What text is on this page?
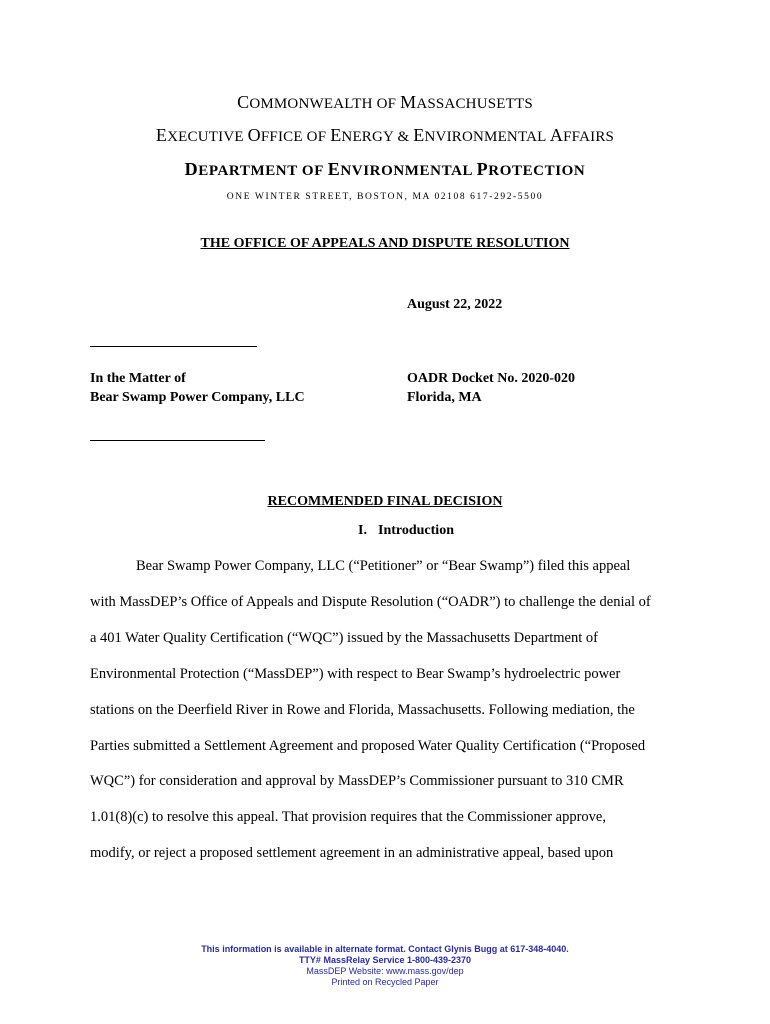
COMMONWEALTH OF MASSACHUSETTS
EXECUTIVE OFFICE OF ENERGY & ENVIRONMENTAL AFFAIRS
DEPARTMENT OF ENVIRONMENTAL PROTECTION
ONE WINTER STREET, BOSTON, MA 02108 617-292-5500
THE OFFICE OF APPEALS AND DISPUTE RESOLUTION
August 22, 2022
In the Matter of
Bear Swamp Power Company, LLC
OADR Docket No. 2020-020
Florida, MA
RECOMMENDED FINAL DECISION
I. Introduction
Bear Swamp Power Company, LLC (“Petitioner” or “Bear Swamp”) filed this appeal
with MassDEP’s Office of Appeals and Dispute Resolution (“OADR”) to challenge the denial of
a 401 Water Quality Certification (“WQC”) issued by the Massachusetts Department of
Environmental Protection (“MassDEP”) with respect to Bear Swamp’s hydroelectric power
stations on the Deerfield River in Rowe and Florida, Massachusetts. Following mediation, the
Parties submitted a Settlement Agreement and proposed Water Quality Certification (“Proposed
WQC”) for consideration and approval by MassDEP’s Commissioner pursuant to 310 CMR
1.01(8)(c) to resolve this appeal. That provision requires that the Commissioner approve,
modify, or reject a proposed settlement agreement in an administrative appeal, based upon
This information is available in alternate format. Contact Glynis Bugg at 617-348-4040.
TTY# MassRelay Service 1-800-439-2370
MassDEP Website: www.mass.gov/dep
Printed on Recycled Paper
